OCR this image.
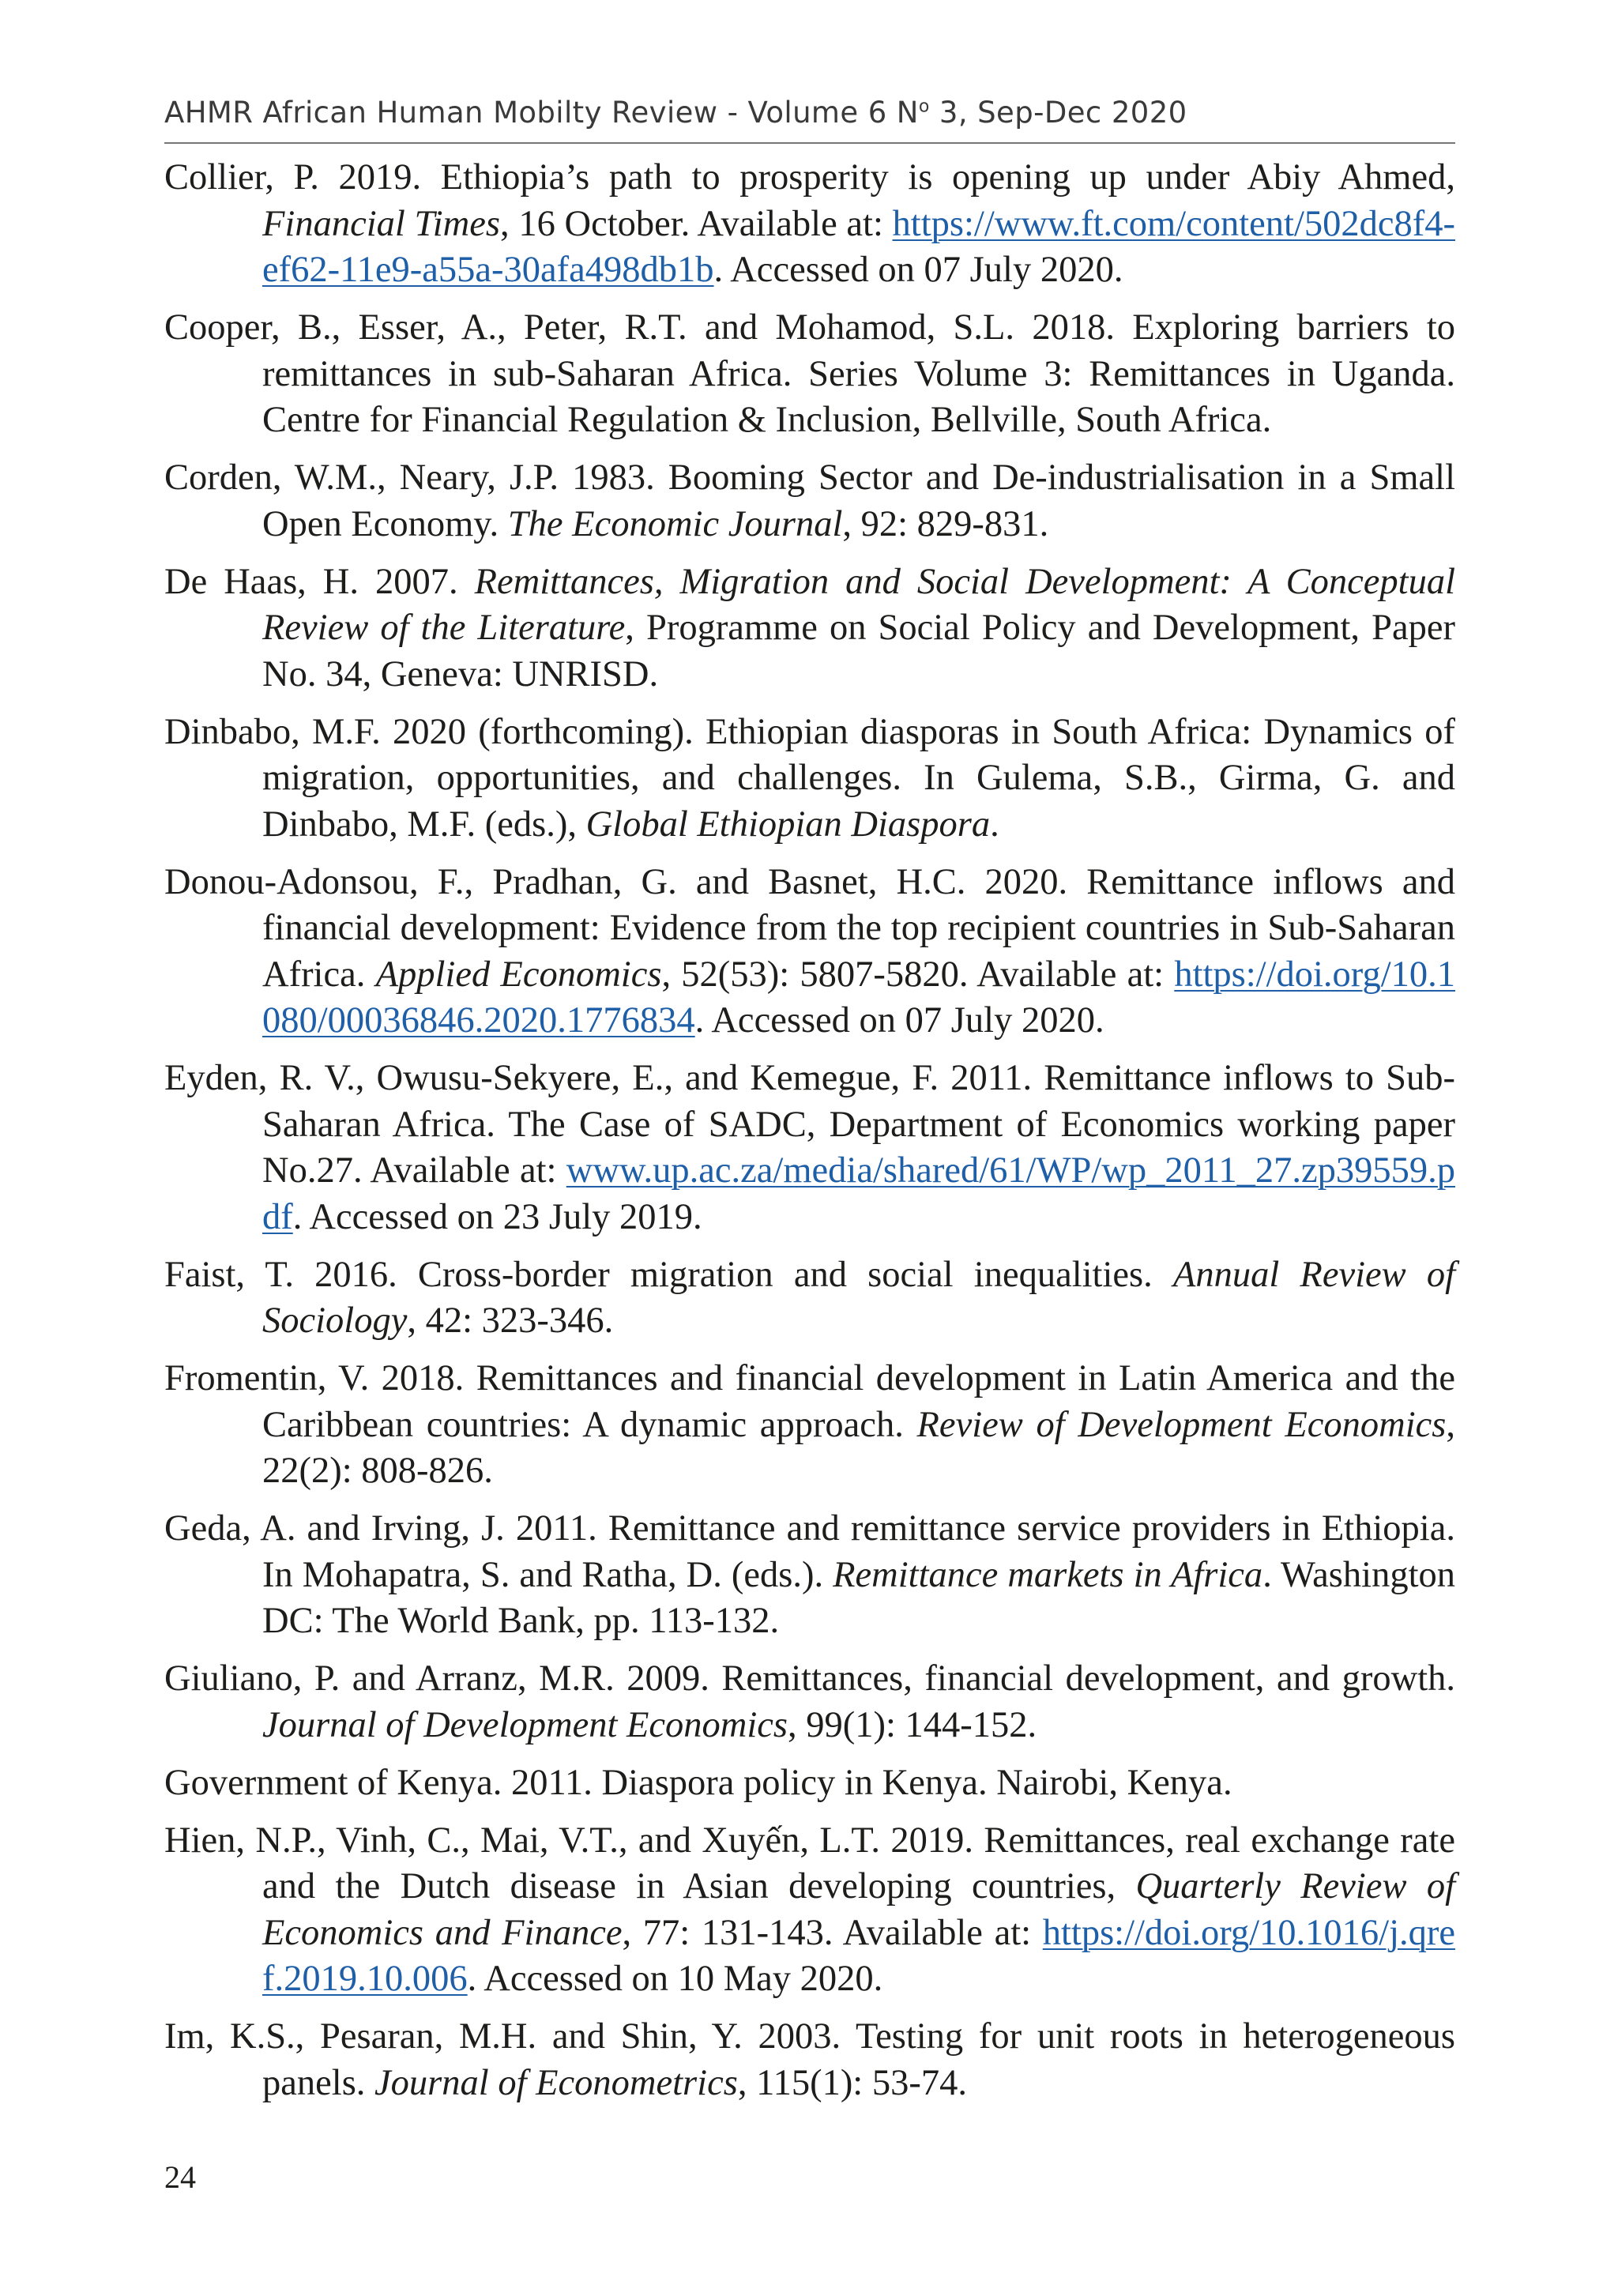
AHMR African Human Mobilty Review - Volume 6 $N^o$ 3, Sep-Dec 2020
Collier, P. 2019. Ethiopia’s path to prosperity is opening up under Abiy Ahmed, Financial Times, 16 October. Available at: https://www.ft.com/content/502dc8f4-ef62-11e9-a55a-30afa498db1b. Accessed on 07 July 2020.
Cooper, B., Esser, A., Peter, R.T. and Mohamod, S.L. 2018. Exploring barriers to remittances in sub-Saharan Africa. Series Volume 3: Remittances in Uganda. Centre for Financial Regulation & Inclusion, Bellville, South Africa.
Corden, W.M., Neary, J.P. 1983. Booming Sector and De-industrialisation in a Small Open Economy. The Economic Journal, 92: 829-831.
De Haas, H. 2007. Remittances, Migration and Social Development: A Conceptual Review of the Literature, Programme on Social Policy and Development, Paper No. 34, Geneva: UNRISD.
Dinbabo, M.F. 2020 (forthcoming). Ethiopian diasporas in South Africa: Dynamics of migration, opportunities, and challenges. In Gulema, S.B., Girma, G. and Dinbabo, M.F. (eds.), Global Ethiopian Diaspora.
Donou-Adonsou, F., Pradhan, G. and Basnet, H.C. 2020. Remittance inflows and financial development: Evidence from the top recipient countries in Sub-Saharan Africa. Applied Economics, 52(53): 5807-5820. Available at: https://doi.org/10.1080/00036846.2020.1776834. Accessed on 07 July 2020.
Eyden, R. V., Owusu-Sekyere, E., and Kemegue, F. 2011. Remittance inflows to Sub-Saharan Africa. The Case of SADC, Department of Economics working paper No.27. Available at: www.up.ac.za/media/shared/61/WP/wp_2011_27.zp39559.pdf. Accessed on 23 July 2019.
Faist, T. 2016. Cross-border migration and social inequalities. Annual Review of Sociology, 42: 323-346.
Fromentin, V. 2018. Remittances and financial development in Latin America and the Caribbean countries: A dynamic approach. Review of Development Economics, 22(2): 808-826.
Geda, A. and Irving, J. 2011. Remittance and remittance service providers in Ethiopia. In Mohapatra, S. and Ratha, D. (eds.). Remittance markets in Africa. Washington DC: The World Bank, pp. 113-132.
Giuliano, P. and Arranz, M.R. 2009. Remittances, financial development, and growth. Journal of Development Economics, 99(1): 144-152.
Government of Kenya. 2011. Diaspora policy in Kenya. Nairobi, Kenya.
Hien, N.P., Vinh, C., Mai, V.T., and Xuyến, L.T. 2019. Remittances, real exchange rate and the Dutch disease in Asian developing countries, Quarterly Review of Economics and Finance, 77: 131-143. Available at: https://doi.org/10.1016/j.qref.2019.10.006. Accessed on 10 May 2020.
Im, K.S., Pesaran, M.H. and Shin, Y. 2003. Testing for unit roots in heterogeneous panels. Journal of Econometrics, 115(1): 53-74.
24
